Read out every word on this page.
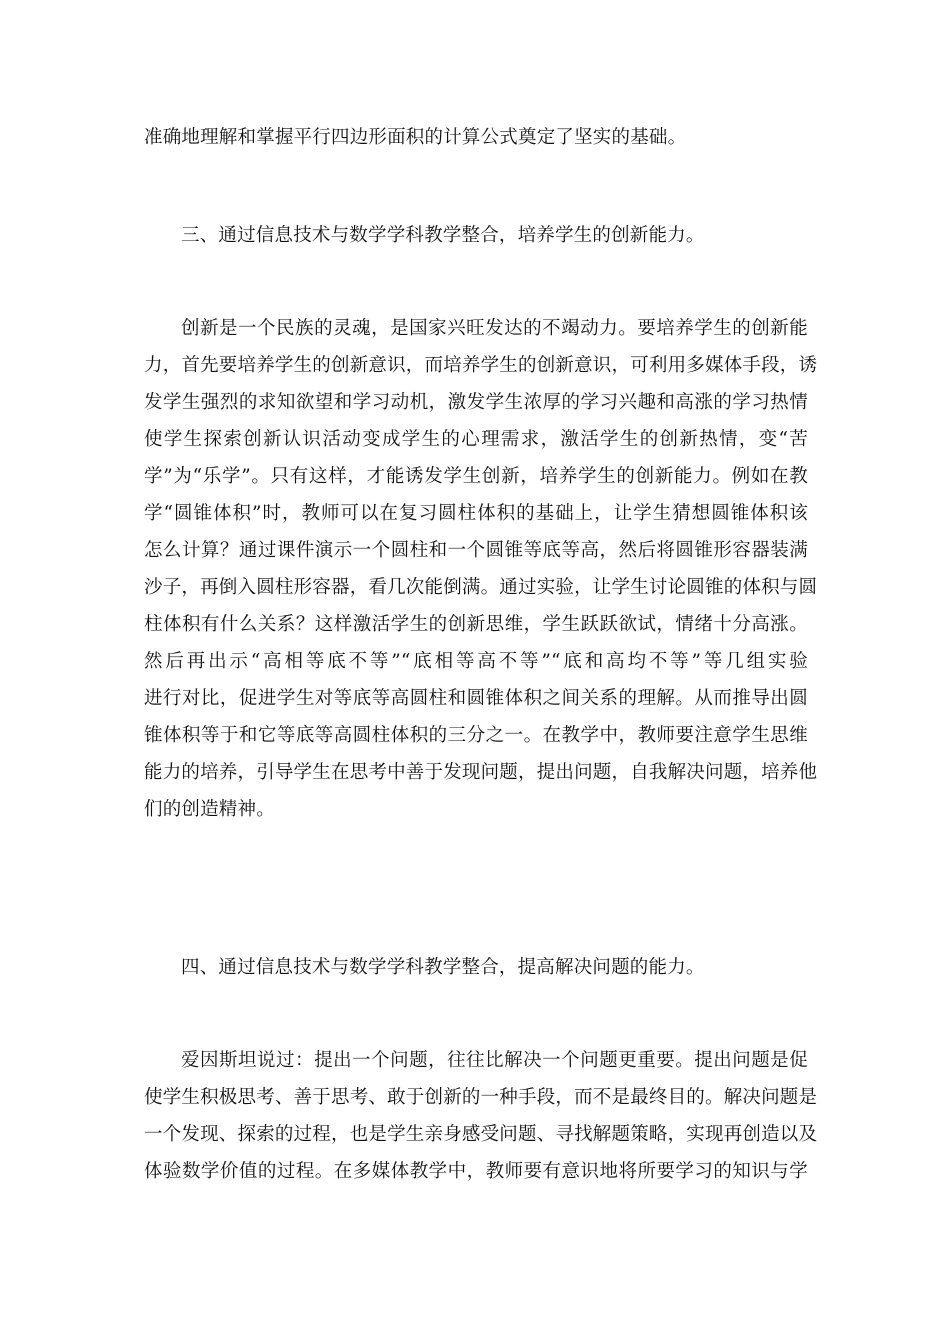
准确地理解和掌握平行四边形面积的计算公式奠定了坚实的基础。
三、通过信息技术与数学学科教学整合，培养学生的创新能力。
创新是一个民族的灵魂，是国家兴旺发达的不竭动力。要培养学生的创新能
力，首先要培养学生的创新意识，而培养学生的创新意识，可利用多媒体手段，诱
发学生强烈的求知欲望和学习动机，激发学生浓厚的学习兴趣和高涨的学习热情
使学生探索创新认识活动变成学生的心理需求，激活学生的创新热情，变“苦
学”为“乐学”。只有这样，才能诱发学生创新，培养学生的创新能力。例如在教
学“圆锥体积”时，教师可以在复习圆柱体积的基础上，让学生猜想圆锥体积该
怎么计算？通过课件演示一个圆柱和一个圆锥等底等高，然后将圆锥形容器装满
沙子，再倒入圆柱形容器，看几次能倒满。通过实验，让学生讨论圆锥的体积与圆
柱体积有什么关系？这样激活学生的创新思维，学生跃跃欲试，情绪十分高涨。
然后再出示“高相等底不等”“底相等高不等”“底和高均不等”等几组实验
进行对比，促进学生对等底等高圆柱和圆锥体积之间关系的理解。从而推导出圆
锥体积等于和它等底等高圆柱体积的三分之一。在教学中，教师要注意学生思维
能力的培养，引导学生在思考中善于发现问题，提出问题，自我解决问题，培养他
们的创造精神。
四、通过信息技术与数学学科教学整合，提高解决问题的能力。
爱因斯坦说过：提出一个问题，往往比解决一个问题更重要。提出问题是促
使学生积极思考、善于思考、敢于创新的一种手段，而不是最终目的。解决问题是
一个发现、探索的过程，也是学生亲身感受问题、寻找解题策略，实现再创造以及
体验数学价值的过程。在多媒体教学中，教师要有意识地将所要学习的知识与学
